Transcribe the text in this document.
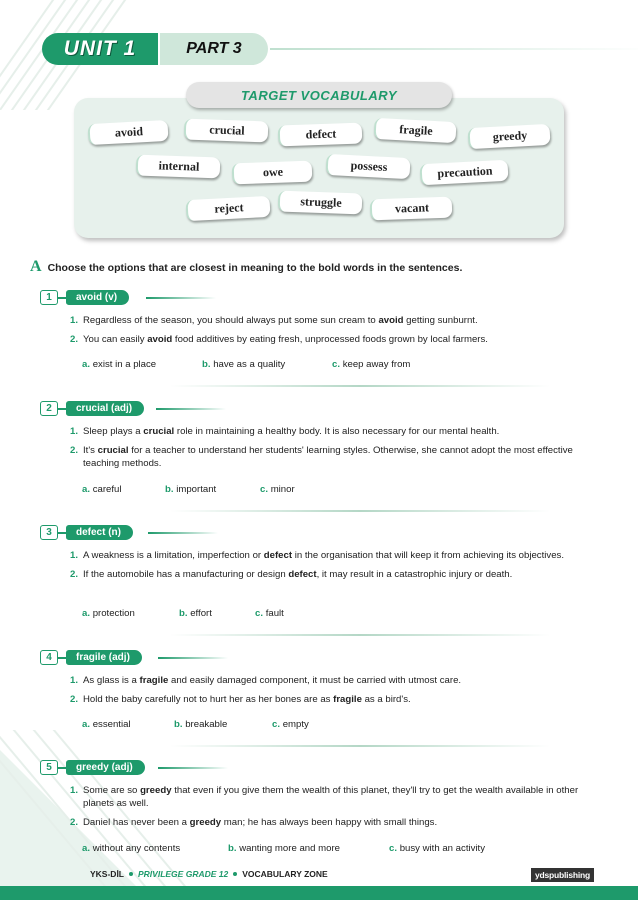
UNIT 1	PART 3
avoid	crucial	defect	fragile	greedy
internal	owe	possess	precaution
reject	struggle	vacant
TARGET VOCABULARY
A Choose the options that are closest in meaning to the bold words in the sentences.
1	avoid (v)
1. Regardless of the season, you should always put some sun cream to avoid getting sunburnt.
2. You can easily avoid food additives by eating fresh, unprocessed foods grown by local farmers.
a. exist in a place	b. have as a quality	c. keep away from
2	crucial (adj)
1. Sleep plays a crucial role in maintaining a healthy body. It is also necessary for our mental health.
2. It's crucial for a teacher to understand her students' learning styles. Otherwise, she cannot adopt the most effective teaching methods.
a. careful	b. important	c. minor
3	defect (n)
1. A weakness is a limitation, imperfection or defect in the organisation that will keep it from achieving its objectives.
2. If the automobile has a manufacturing or design defect, it may result in a catastrophic injury or death.
a. protection	b. effort	c. fault
4	fragile (adj)
1. As glass is a fragile and easily damaged component, it must be carried with utmost care.
2. Hold the baby carefully not to hurt her as her bones are as fragile as a bird's.
a. essential	b. breakable	c. empty
5	greedy (adj)
1. Some are so greedy that even if you give them the wealth of this planet, they'll try to get the wealth available in other planets as well.
2. Daniel has never been a greedy man; he has always been happy with small things.
a. without any contents	b. wanting more and more	c. busy with an activity
YKS-DİL PRIVILEGE GRADE 12 VOCABULARY ZONE	ydspublishing
